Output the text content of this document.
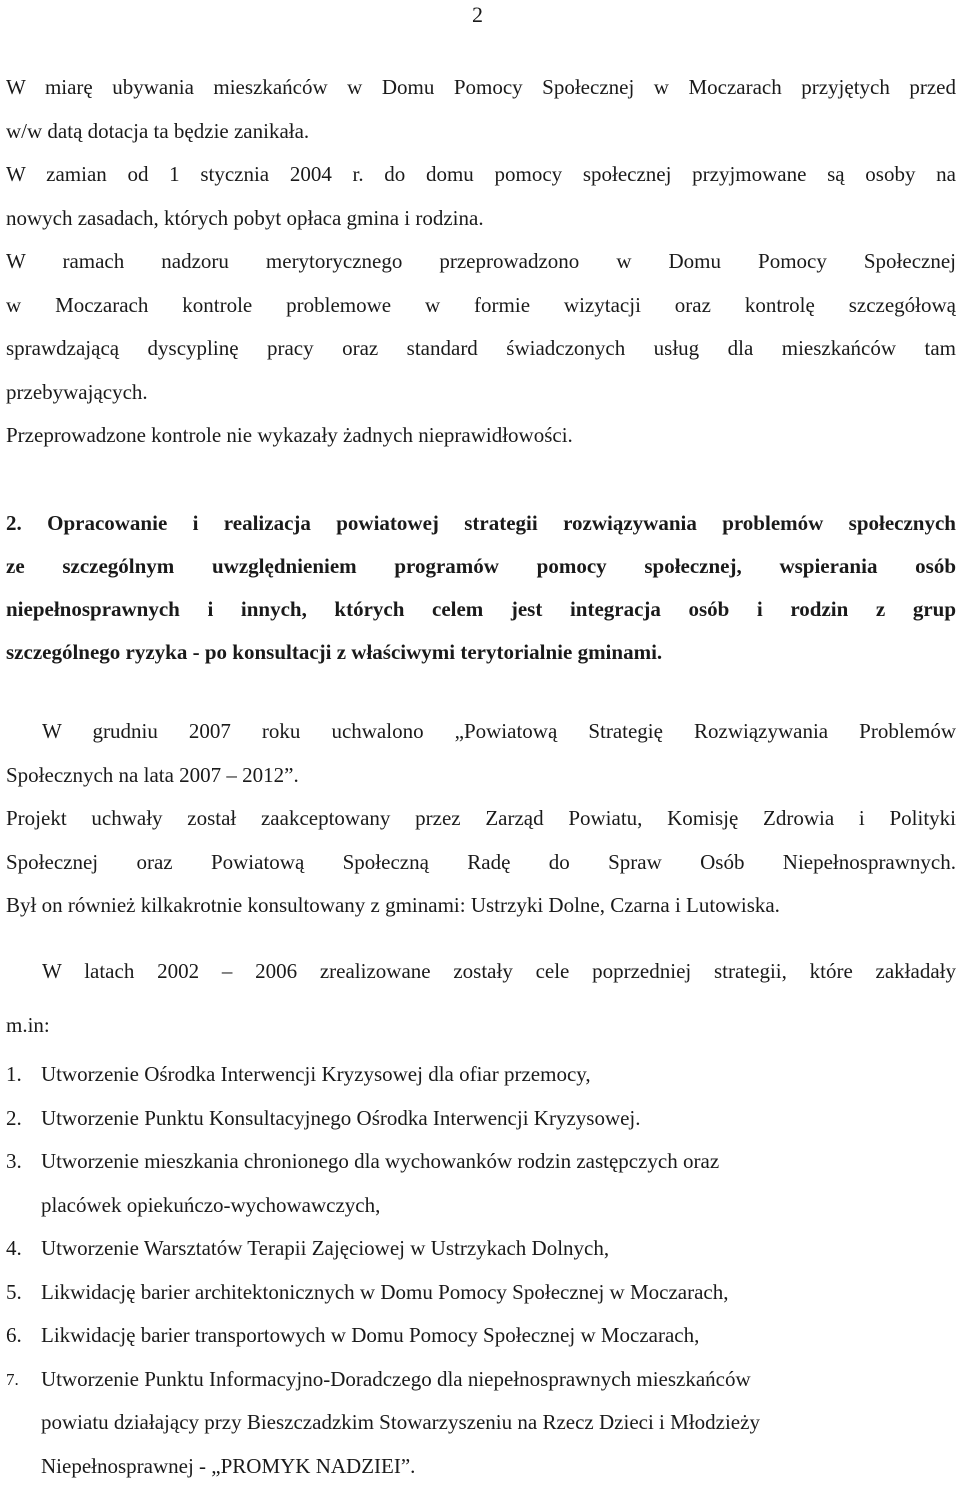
2
W miarę ubywania mieszkańców w Domu Pomocy Społecznej w Moczarach przyjętych przed
w/w datą dotacja ta będzie zanikała.
W zamian od 1 stycznia 2004 r. do domu pomocy społecznej przyjmowane są osoby na
nowych zasadach, których pobyt opłaca gmina i rodzina.
W ramach nadzoru merytorycznego przeprowadzono w Domu Pomocy Społecznej
w Moczarach kontrole problemowe w formie wizytacji oraz kontrolę szczegółową
sprawdzającą dyscyplinę pracy oraz standard świadczonych usług dla mieszkańców tam
przebywających.
Przeprowadzone kontrole nie wykazały żadnych nieprawidłowości.
2. Opracowanie i realizacja powiatowej strategii rozwiązywania problemów społecznych
ze szczególnym uwzględnieniem programów pomocy społecznej, wspierania osób
niepełnosprawnych i innych, których celem jest integracja osób i rodzin z grup
szczególnego ryzyka - po konsultacji z właściwymi terytorialnie gminami.
W grudniu 2007 roku uchwalono „Powiatową Strategię Rozwiązywania Problemów
Społecznych na lata 2007 – 2012”.
Projekt uchwały został zaakceptowany przez Zarząd Powiatu, Komisję Zdrowia i Polityki
Społecznej oraz Powiatową Społeczną Radę do Spraw Osób Niepełnosprawnych.
Był on również kilkakrotnie konsultowany z gminami: Ustrzyki Dolne, Czarna i Lutowiska.
W latach 2002 – 2006 zrealizowane zostały cele poprzedniej strategii, które zakładały
m.in:
1. Utworzenie Ośrodka Interwencji Kryzysowej dla ofiar przemocy,
2. Utworzenie Punktu Konsultacyjnego Ośrodka Interwencji Kryzysowej.
3. Utworzenie mieszkania chronionego dla wychowanków rodzin zastępczych oraz
placówek opiekuńczo-wychowawczych,
4. Utworzenie Warsztatów Terapii Zajęciowej w Ustrzykach Dolnych,
5. Likwidację barier architektonicznych w Domu Pomocy Społecznej w Moczarach,
6. Likwidację barier transportowych w Domu Pomocy Społecznej w Moczarach,
7. Utworzenie Punktu Informacyjno-Doradczego dla niepełnosprawnych mieszkańców
powiatu działający przy Bieszczadzkim Stowarzyszeniu na Rzecz Dzieci i Młodzieży
Niepełnosprawnej - „PROMYK NADZIEI”.
